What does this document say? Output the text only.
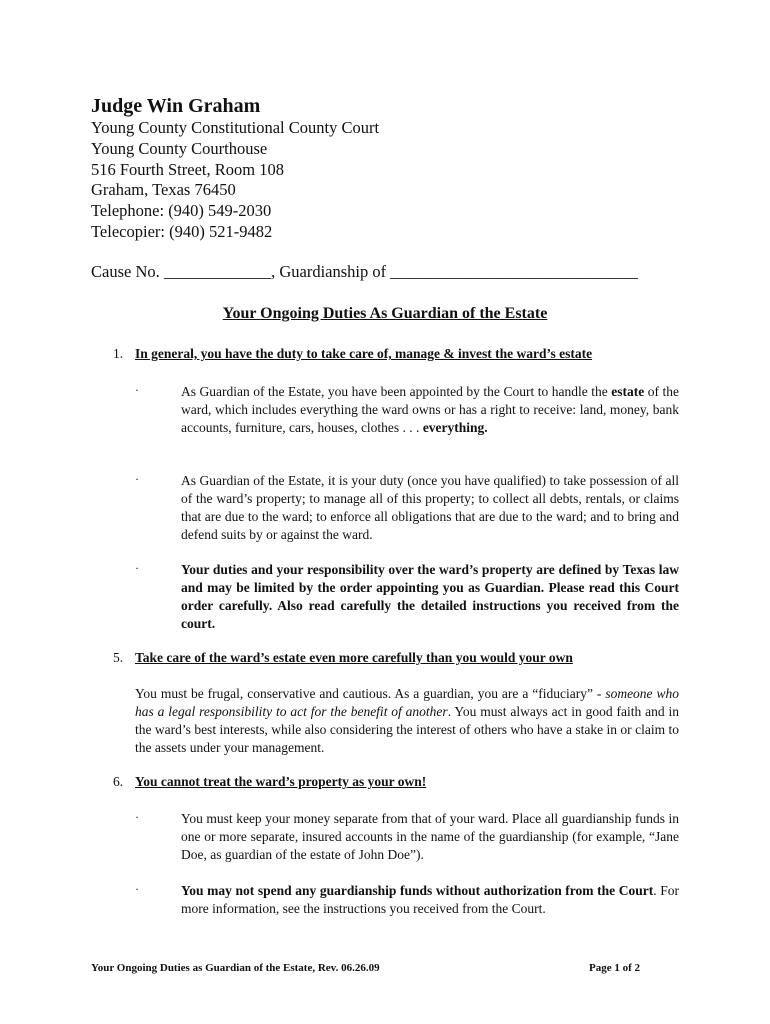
Judge Win Graham
Young County Constitutional County Court
Young County Courthouse
516 Fourth Street, Room 108
Graham, Texas 76450
Telephone: (940) 549-2030
Telecopier: (940) 521-9482
Cause No. _____________, Guardianship of ______________________________
Your Ongoing Duties As Guardian of the Estate
1. In general, you have the duty to take care of, manage & invest the ward’s estate
·	As Guardian of the Estate, you have been appointed by the Court to handle the estate of the ward, which includes everything the ward owns or has a right to receive: land, money, bank accounts, furniture, cars, houses, clothes . . . everything.
·	As Guardian of the Estate, it is your duty (once you have qualified) to take possession of all of the ward’s property; to manage all of this property; to collect all debts, rentals, or claims that are due to the ward; to enforce all obligations that are due to the ward; and to bring and defend suits by or against the ward.
·	Your duties and your responsibility over the ward’s property are defined by Texas law and may be limited by the order appointing you as Guardian. Please read this Court order carefully. Also read carefully the detailed instructions you received from the court.
5. Take care of the ward’s estate even more carefully than you would your own
You must be frugal, conservative and cautious. As a guardian, you are a “fiduciary” - someone who has a legal responsibility to act for the benefit of another. You must always act in good faith and in the ward’s best interests, while also considering the interest of others who have a stake in or claim to the assets under your management.
6. You cannot treat the ward’s property as your own!
·	You must keep your money separate from that of your ward. Place all guardianship funds in one or more separate, insured accounts in the name of the guardianship (for example, “Jane Doe, as guardian of the estate of John Doe”).
·	You may not spend any guardianship funds without authorization from the Court. For more information, see the instructions you received from the Court.
Your Ongoing Duties as Guardian of the Estate, Rev. 06.26.09	Page 1 of 2
